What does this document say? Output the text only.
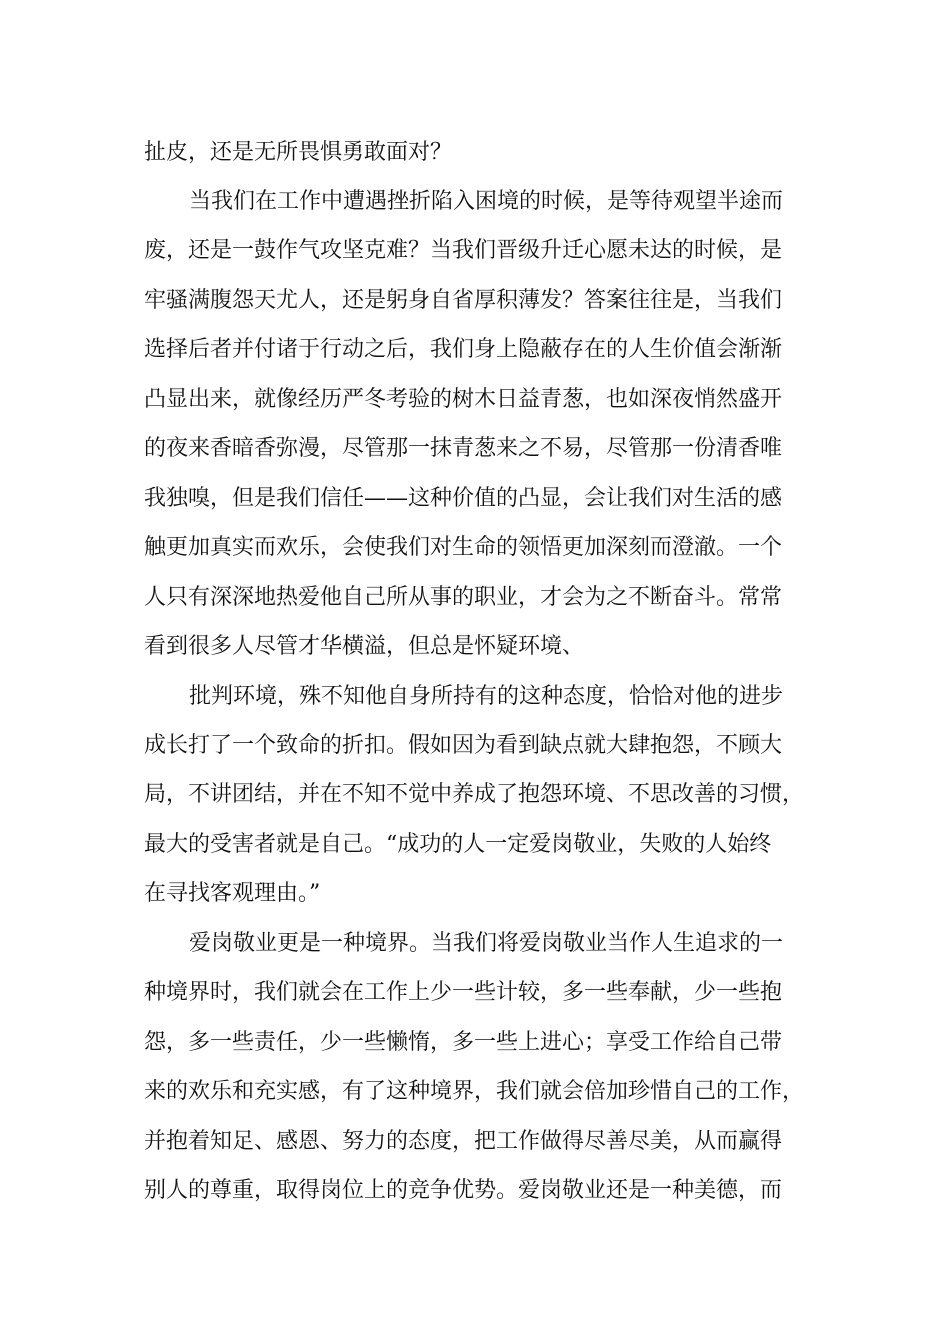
扯皮，还是无所畏惧勇敢面对？

当我们在工作中遭遇挫折陷入困境的时候，是等待观望半途而

废，还是一鼓作气攻坚克难？当我们晋级升迁心愿未达的时候，是

牢骚满腹怨天尤人，还是躬身自省厚积薄发？答案往往是，当我们

选择后者并付诸于行动之后，我们身上隐蔽存在的人生价值会渐渐

凸显出来，就像经历严冬考验的树木日益青葱，也如深夜悄然盛开

的夜来香暗香弥漫，尽管那一抹青葱来之不易，尽管那一份清香唯

我独嗅，但是我们信任——这种价值的凸显，会让我们对生活的感

触更加真实而欢乐，会使我们对生命的领悟更加深刻而澄澈。一个

人只有深深地热爱他自己所从事的职业，才会为之不断奋斗。常常

看到很多人尽管才华横溢，但总是怀疑环境、

批判环境，殊不知他自身所持有的这种态度，恰恰对他的进步

成长打了一个致命的折扣。假如因为看到缺点就大肆抱怨，不顾大

局，不讲团结，并在不知不觉中养成了抱怨环境、不思改善的习惯，

最大的受害者就是自己。“成功的人一定爱岗敬业，失败的人始终

在寻找客观理由。”

爱岗敬业更是一种境界。当我们将爱岗敬业当作人生追求的一

种境界时，我们就会在工作上少一些计较，多一些奉献，少一些抱

怨，多一些责任，少一些懒惰，多一些上进心；享受工作给自己带

来的欢乐和充实感，有了这种境界，我们就会倍加珍惜自己的工作，

并抱着知足、感恩、努力的态度，把工作做得尽善尽美，从而赢得

别人的尊重，取得岗位上的竞争优势。爱岗敬业还是一种美德，而
